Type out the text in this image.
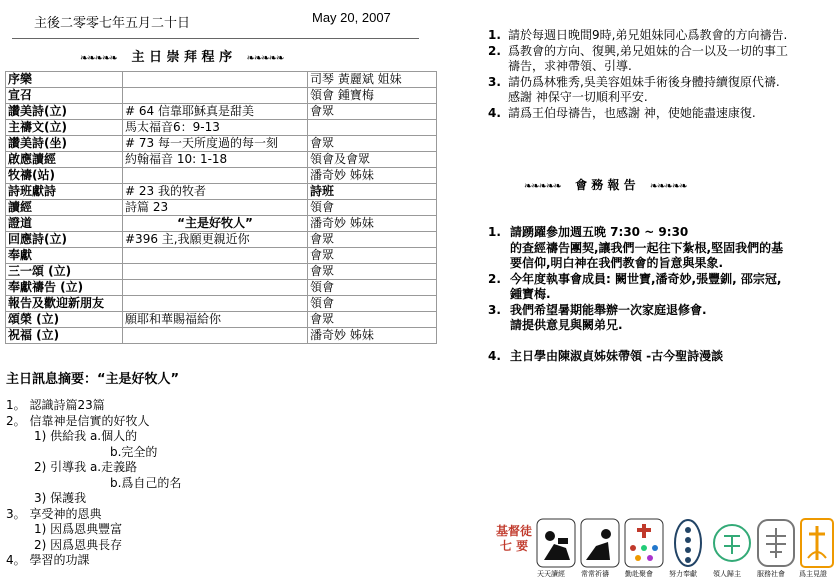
主後二零零七年五月二十日	May 20, 2007
❧❧❧❧❧ 主 日 崇 拜 程 序 ❧❧❧❧❧
序樂		司琴 黃麗斌 姐妹
宣召		領會 鍾寶梅
讚美詩(立)	# 64 信靠耶穌真是甜美	會眾
主禱文(立)	馬太福音6：9-13	
讚美詩(坐)	# 73 每一天所度過的每一刻	會眾
啟應讀經	約翰福音 10: 1-18	領會及會眾
牧禱(站)		潘奇妙 姊妹
詩班獻詩	# 23 我的牧者	詩班
讀經	詩篇 23	領會
證道	“主是好牧人”	潘奇妙 姊妹
回應詩(立)	#396 主,我願更親近你	會眾
奉獻		會眾
三一頌 (立)		會眾
奉獻禱告 (立)		領會
報告及歡迎新朋友		領會
頌榮 (立)	願耶和華賜福給你	會眾
祝福 (立)		潘奇妙 姊妹
主日訊息摘要：“主是好牧人”
1。 認識詩篇23篇
2。 信靠神是信實的好牧人
1) 供給我 a.個人的
b.完全的
2) 引導我 a.走義路
b.爲自己的名
3) 保護我
3。 享受神的恩典
1) 因爲恩典豐富
2) 因爲恩典長存
4。 學習的功課
1. 請於每週日晚間9時,弟兄姐妹同心爲教會的方向禱告.
2. 爲教會的方向、復興,弟兄姐妹的合一以及一切的事工
禱告，求神帶領、引導.
3. 請仍爲林雅秀,吳美容姐妹手術後身體持續復原代禱.
感謝 神保守一切順利平安.
4. 請爲王伯母禱告，也感謝 神，使她能盡速康復.
❧❧❧❧❧ 會 務 報 告 ❧❧❧❧❧
1. 請踴躍參加週五晚 7:30 ~ 9:30
的查經禱告團契,讓我們一起往下紮根,堅固我們的基
要信仰,明白神在我們教會的旨意與果象.
2. 今年度執事會成員: 闕世寶,潘奇妙,張豐釧, 邵宗冠,
鍾寶梅.
3. 我們希望暑期能舉辦一次家庭退修會.
請提供意見與闕弟兄.
4. 主日學由陳淑貞姊妹帶領 -古今聖詩漫談
基督徒
七 要
天天讀經 常常祈禱 勤赴聚會 努力奉獻 領人歸主 服務社會 爲主見證
